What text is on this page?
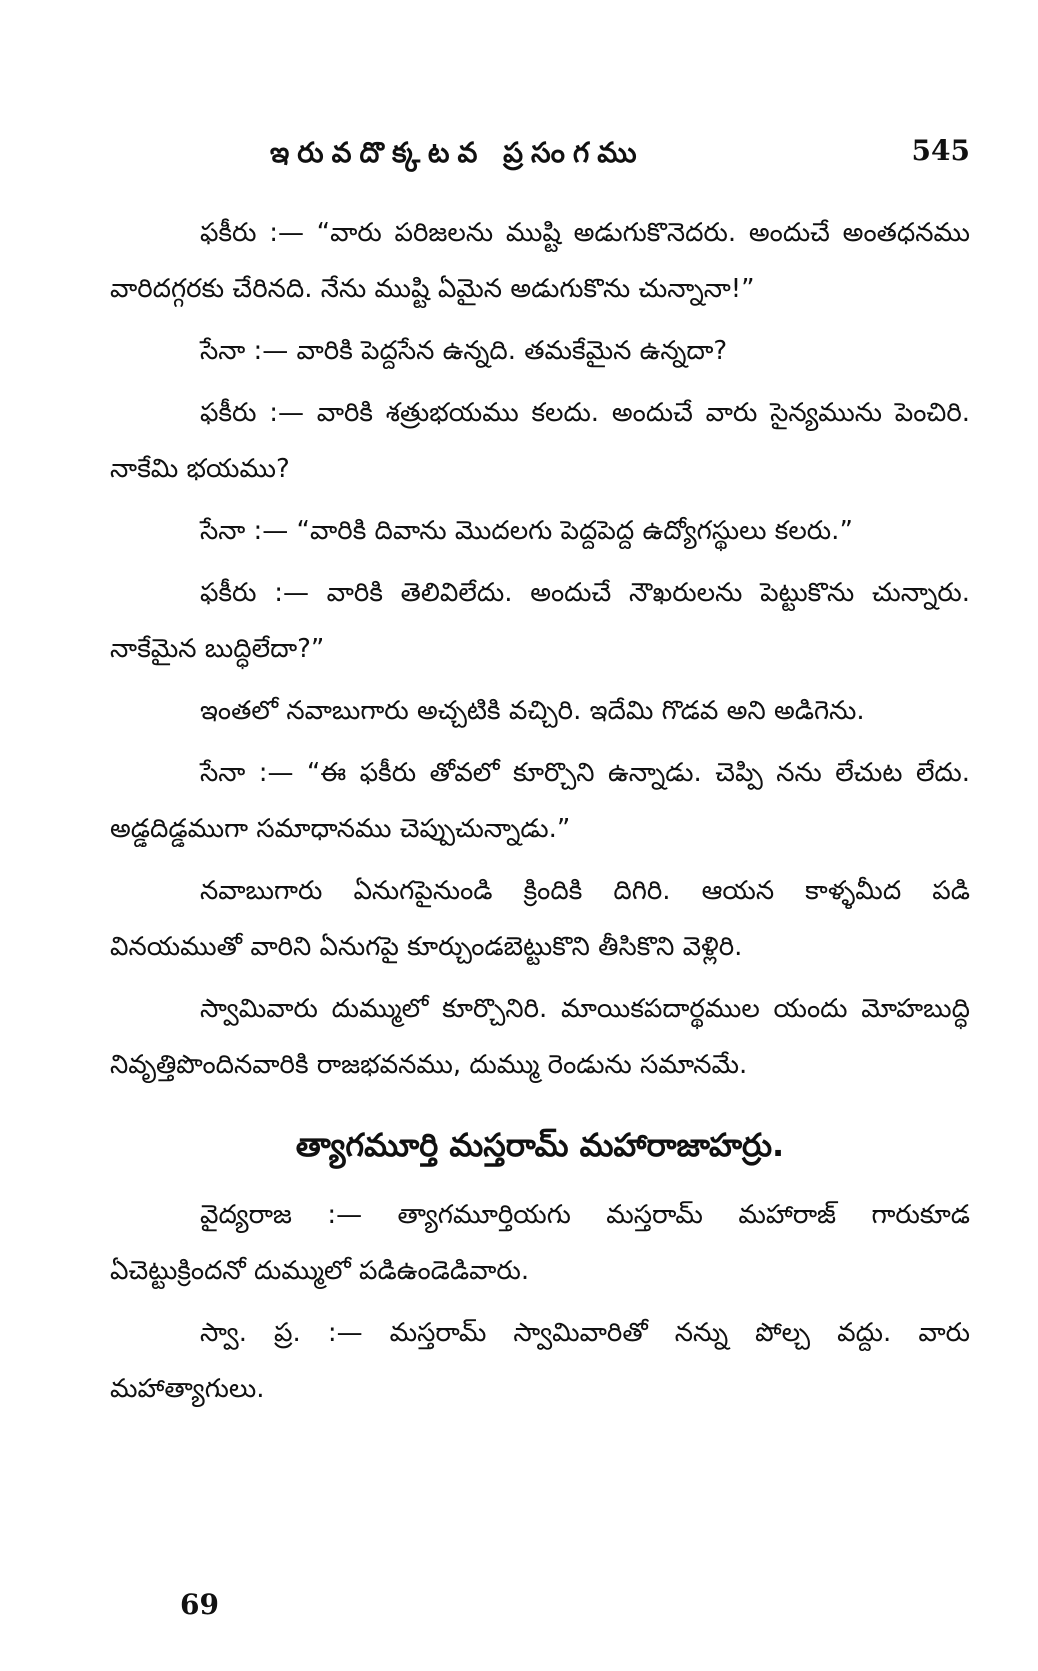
ఇరువదొక్కటవ ప్రసంగము	545

ఫకీరు :— “వారు పరిజలను ముష్టి అడుగుకొనెదరు. అందుచే అంతధనము వారిదగ్గరకు చేరినది. నేను ముష్టి ఏమైన అడుగుకొను చున్నానా!”

సేనా :— వారికి పెద్దసేన ఉన్నది. తమకేమైన ఉన్నదా?

ఫకీరు :— వారికి శత్రుభయము కలదు. అందుచే వారు సైన్యమును పెంచిరి. నాకేమి భయము?

సేనా :— “వారికి దివాను మొదలగు పెద్దపెద్ద ఉద్యోగస్థులు కలరు.”

ఫకీరు :— వారికి తెలివిలేదు. అందుచే నౌఖరులను పెట్టుకొను చున్నారు. నాకేమైన బుద్ధిలేదా?”

ఇంతలో నవాబుగారు అచ్చటికి వచ్చిరి. ఇదేమి గొడవ అని అడిగెను.

సేనా :— “ఈ ఫకీరు తోవలో కూర్చొని ఉన్నాడు. చెప్పి నను లేచుట లేదు. అడ్డదిడ్డముగా సమాధానము చెప్పుచున్నాడు.”

నవాబుగారు ఏనుగపైనుండి క్రిందికి దిగిరి. ఆయన కాళ్ళమీద పడి వినయముతో వారిని ఏనుగపై కూర్చుండబెట్టుకొని తీసికొని వెళ్లిరి.

స్వామివారు దుమ్ములో కూర్చొనిరి. మాయికపదార్థముల యందు మోహబుద్ధి నివృత్తిపొందినవారికి రాజభవనము, దుమ్ము రెండును సమానమే.

త్యాగమూర్తి మస్తరామ్ మహారాజాహర్రు.

వైద్యరాజ :— త్యాగమూర్తియగు మస్తరామ్ మహారాజ్ గారుకూడ ఏచెట్టుక్రిందనో దుమ్ములో పడిఉండెడివారు.

స్వా. ప్ర. :— మస్తరామ్ స్వామివారితో నన్ను పోల్చ వద్దు. వారు మహాత్యాగులు.

69
